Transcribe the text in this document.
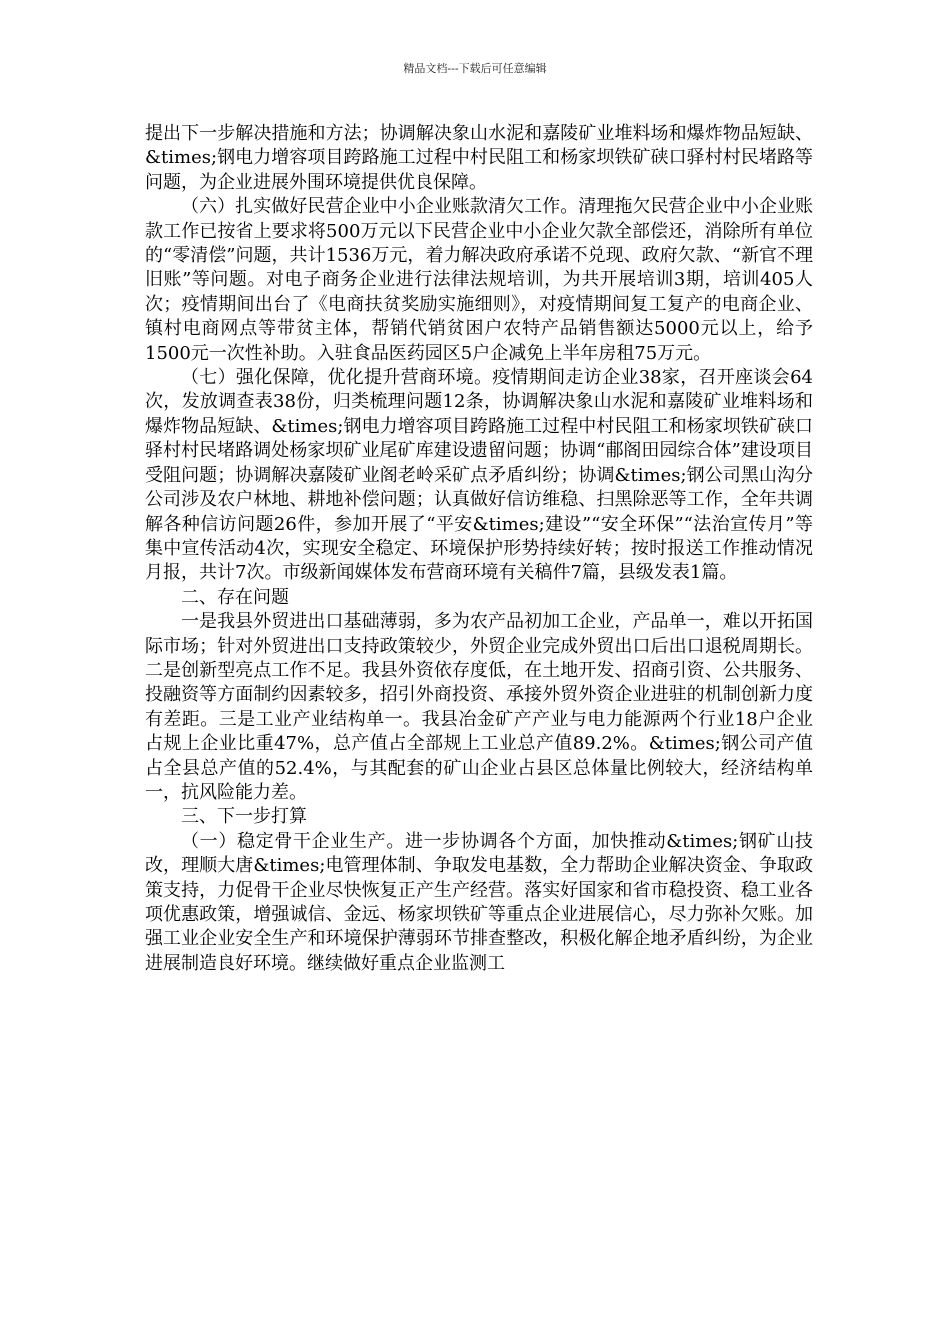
精品文档---下载后可任意编辑

提出下一步解决措施和方法；协调解决象山水泥和嘉陵矿业堆料场和爆炸物品短缺、&times;钢电力增容项目跨路施工过程中村民阻工和杨家坝铁矿硖口驿村村民堵路等问题，为企业进展外围环境提供优良保障。

（六）扎实做好民营企业中小企业账款清欠工作。清理拖欠民营企业中小企业账款工作已按省上要求将500万元以下民营企业中小企业欠款全部偿还，消除所有单位的“零清偿”问题，共计1536万元，着力解决政府承诺不兑现、政府欠款、“新官不理旧账”等问题。对电子商务企业进行法律法规培训，为共开展培训3期，培训405人次；疫情期间出台了《电商扶贫奖励实施细则》，对疫情期间复工复产的电商企业、镇村电商网点等带贫主体，帮销代销贫困户农特产品销售额达5000元以上，给予1500元一次性补助。入驻食品医药园区5户企减免上半年房租75万元。

（七）强化保障，优化提升营商环境。疫情期间走访企业38家，召开座谈会64次，发放调查表38份，归类梳理问题12条，协调解决象山水泥和嘉陵矿业堆料场和爆炸物品短缺、&times;钢电力增容项目跨路施工过程中村民阻工和杨家坝铁矿硖口驿村村民堵路调处杨家坝矿业尾矿库建设遗留问题；协调“郙阁田园综合体”建设项目受阻问题；协调解决嘉陵矿业阁老岭采矿点矛盾纠纷；协调&times;钢公司黑山沟分公司涉及农户林地、耕地补偿问题；认真做好信访维稳、扫黑除恶等工作，全年共调解各种信访问题26件，参加开展了“平安&times;建设”“安全环保”“法治宣传月”等集中宣传活动4次，实现安全稳定、环境保护形势持续好转；按时报送工作推动情况月报，共计7次。市级新闻媒体发布营商环境有关稿件7篇，县级发表1篇。

二、存在问题

一是我县外贸进出口基础薄弱，多为农产品初加工企业，产品单一，难以开拓国际市场；针对外贸进出口支持政策较少，外贸企业完成外贸出口后出口退税周期长。二是创新型亮点工作不足。我县外资依存度低，在土地开发、招商引资、公共服务、投融资等方面制约因素较多，招引外商投资、承接外贸外资企业进驻的机制创新力度有差距。三是工业产业结构单一。我县冶金矿产产业与电力能源两个行业18户企业占规上企业比重47%，总产值占全部规上工业总产值89.2%。&times;钢公司产值占全县总产值的52.4%，与其配套的矿山企业占县区总体量比例较大，经济结构单一，抗风险能力差。

三、下一步打算

（一）稳定骨干企业生产。进一步协调各个方面，加快推动&times;钢矿山技改，理顺大唐&times;电管理体制、争取发电基数，全力帮助企业解决资金、争取政策支持，力促骨干企业尽快恢复正产生产经营。落实好国家和省市稳投资、稳工业各项优惠政策，增强诚信、金远、杨家坝铁矿等重点企业进展信心，尽力弥补欠账。加强工业企业安全生产和环境保护薄弱环节排查整改，积极化解企地矛盾纠纷，为企业进展制造良好环境。继续做好重点企业监测工
